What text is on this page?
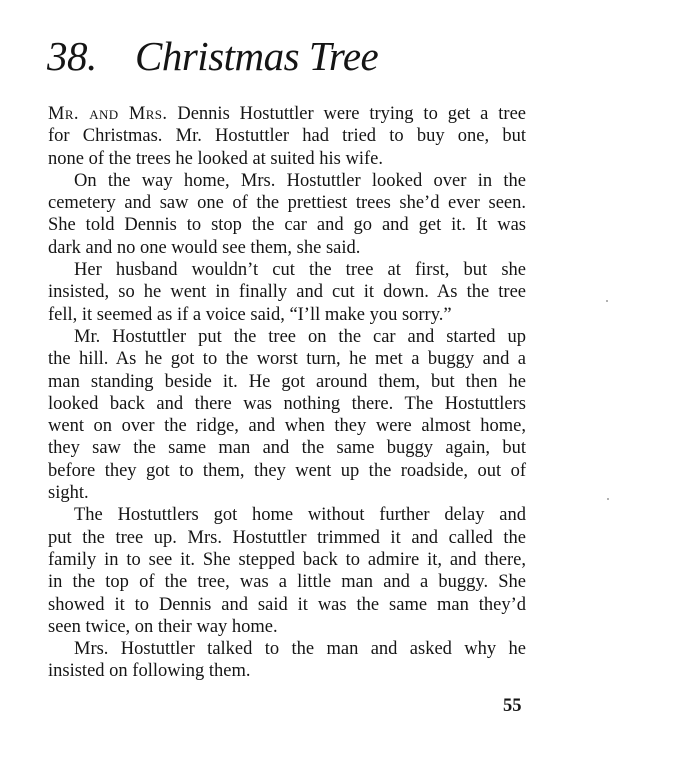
38. Christmas Tree
Mr. and Mrs. Dennis Hostuttler were trying to get a tree
for Christmas. Mr. Hostuttler had tried to buy one, but
none of the trees he looked at suited his wife.
On the way home, Mrs. Hostuttler looked over in the
cemetery and saw one of the prettiest trees she’d ever seen.
She told Dennis to stop the car and go and get it. It was
dark and no one would see them, she said.
Her husband wouldn’t cut the tree at first, but she
insisted, so he went in finally and cut it down. As the tree
fell, it seemed as if a voice said, “I’ll make you sorry.”
Mr. Hostuttler put the tree on the car and started up
the hill. As he got to the worst turn, he met a buggy and a
man standing beside it. He got around them, but then he
looked back and there was nothing there. The Hostuttlers
went on over the ridge, and when they were almost home,
they saw the same man and the same buggy again, but
before they got to them, they went up the roadside, out of
sight.
The Hostuttlers got home without further delay and
put the tree up. Mrs. Hostuttler trimmed it and called the
family in to see it. She stepped back to admire it, and there,
in the top of the tree, was a little man and a buggy. She
showed it to Dennis and said it was the same man they’d
seen twice, on their way home.
Mrs. Hostuttler talked to the man and asked why he
insisted on following them.
55
